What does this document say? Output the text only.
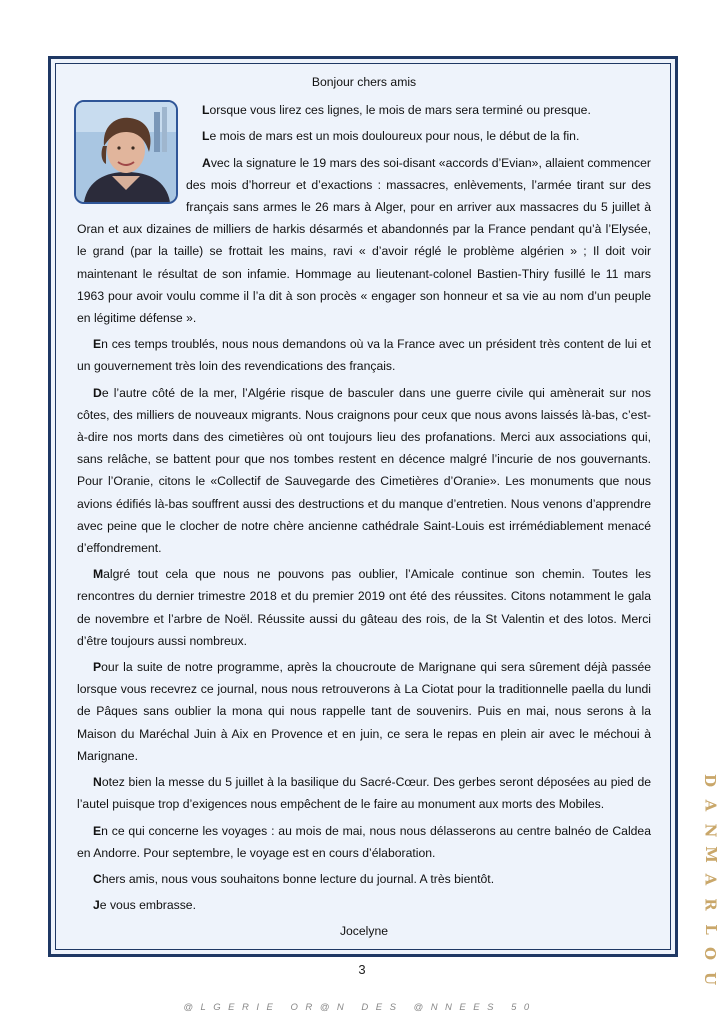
Bonjour chers amis

Lorsque vous lirez ces lignes, le mois de mars sera terminé ou presque.

Le mois de mars est un mois douloureux pour nous, le début de la fin.

Avec la signature le 19 mars des soi-disant «accords d’Evian», allaient commencer des mois d’horreur et d’exactions : massacres, enlèvements, l’armée tirant sur des français sans armes le 26 mars à Alger, pour en arriver aux massacres du 5 juillet à Oran et aux dizaines de milliers de harkis désarmés et abandonnés par la France pendant qu’à l’Elysée, le grand (par la taille) se frottait les mains, ravi « d’avoir réglé le problème algérien » ; Il doit voir maintenant le résultat de son infamie. Hommage au lieutenant-colonel Bastien-Thiry fusillé le 11 mars 1963 pour avoir voulu comme il l’a dit à son procès « engager son honneur et sa vie au nom d’un peuple en légitime défense ».

En ces temps troublés, nous nous demandons où va la France avec un président très content de lui et un gouvernement très loin des revendications des français.

De l’autre côté de la mer, l’Algérie risque de basculer dans une guerre civile qui amènerait sur nos côtes, des milliers de nouveaux migrants. Nous craignons pour ceux que nous avons laissés là-bas, c’est-à-dire nos morts dans des cimetières où ont toujours lieu des profanations. Merci aux associations qui, sans relâche, se battent pour que nos tombes restent en décence malgré l’incurie de nos gouvernants. Pour l’Oranie, citons le «Collectif de Sauvegarde des Cimetières d’Oranie». Les monuments que nous avions édifiés là-bas souffrent aussi des destructions et du manque d’entretien. Nous venons d’apprendre avec peine que le clocher de notre chère ancienne cathédrale Saint-Louis est irrémédiablement menacé d’effondrement.

Malgré tout cela que nous ne pouvons pas oublier, l’Amicale continue son chemin. Toutes les rencontres du dernier trimestre 2018 et du premier 2019 ont été des réussites. Citons notamment le gala de novembre et l’arbre de Noël. Réussite aussi du gâteau des rois, de la St Valentin et des lotos. Merci d’être toujours aussi nombreux.

Pour la suite de notre programme, après la choucroute de Marignane qui sera sûrement déjà passée lorsque vous recevrez ce journal, nous nous retrouverons à La Ciotat pour la traditionnelle paella du lundi de Pâques sans oublier la mona qui nous rappelle tant de souvenirs. Puis en mai, nous serons à la Maison du Maréchal Juin à Aix en Provence et en juin, ce sera le repas en plein air avec le méchoui à Marignane.

Notez bien la messe du 5 juillet à la basilique du Sacré-Cœur. Des gerbes seront déposées au pied de l’autel puisque trop d’exigences nous empêchent de le faire au monument aux morts des Mobiles.

En ce qui concerne les voyages : au mois de mai, nous nous délasserons au centre balnéo de Caldea en Andorre. Pour septembre, le voyage est en cours d’élaboration.

Chers amis, nous vous souhaitons bonne lecture du journal. A très bientôt.

Je vous embrasse.

Jocelyne
3
@LGERIE OR@N DES @NNEES 50
D
A
N
M
A
R
L
O
U
